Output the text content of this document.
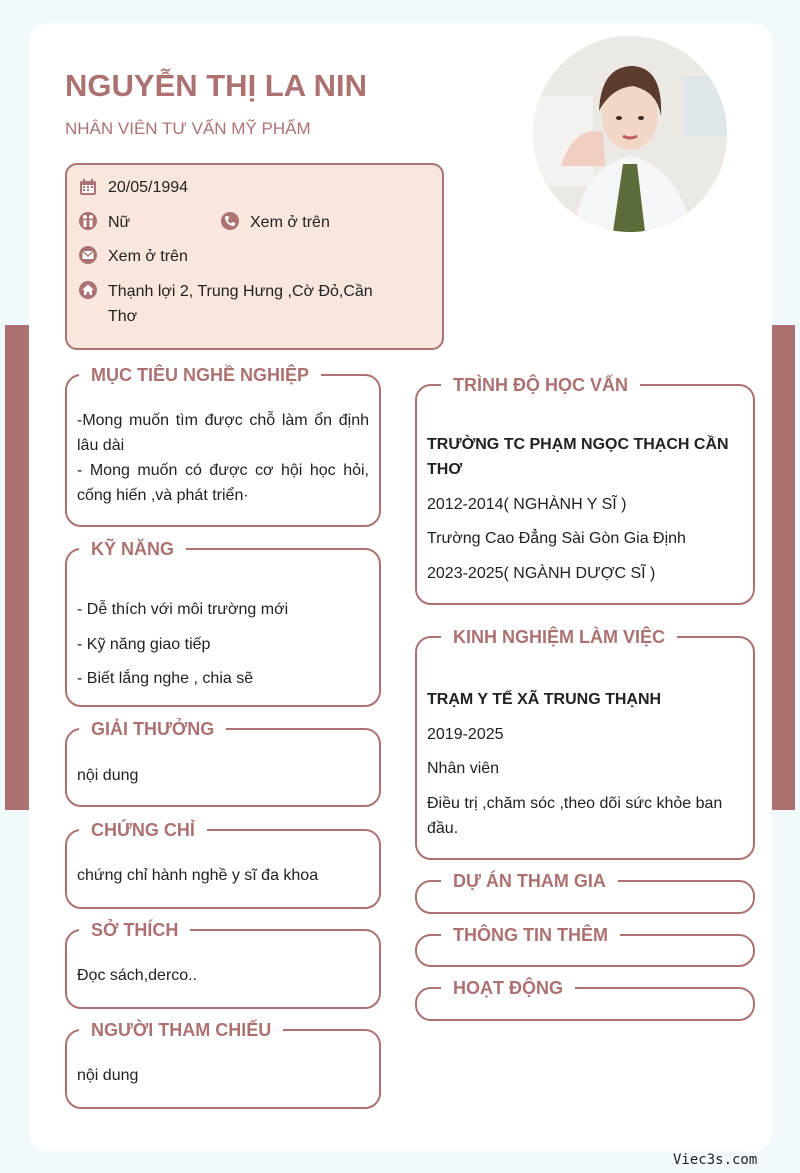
NGUYỄN THỊ LA NIN
NHÂN VIÊN TƯ VẤN MỸ PHẨM
20/05/1994
Nữ	Xem ở trên
Xem ở trên
Thạnh lợi 2, Trung Hưng ,Cờ Đỏ,Cần
Thơ
MỤC TIÊU NGHỀ NGHIỆP
-Mong muốn tìm được chỗ làm ổn định lâu dài
- Mong muốn có được cơ hội học hỏi, cống hiến ,và phát triển·
KỸ NĂNG

- Dễ thích với môi trường mới

- Kỹ năng giao tiếp

- Biết lắng nghe , chia sẽ

GIẢI THƯỞNG
nội dung
CHỨNG CHỈ
chứng chỉ hành nghề y sĩ đa khoa
SỞ THÍCH
Đọc sách,derco..
NGƯỜI THAM CHIẾU
nội dung
TRÌNH ĐỘ HỌC VẤN

TRƯỜNG TC PHẠM NGỌC THẠCH CẦN THƠ

2012-2014( NGHÀNH Y SĨ )

Trường Cao Đẳng Sài Gòn Gia Định

2023-2025( NGÀNH DƯỢC SĨ )

KINH NGHIỆM LÀM VIỆC

TRẠM Y TẾ XÃ TRUNG THẠNH

2019-2025

Nhân viên

Điều trị ,chăm sóc ,theo dõi sức khỏe ban đầu.

DỰ ÁN THAM GIA
THÔNG TIN THÊM
HOẠT ĐỘNG
Viec3s.com
